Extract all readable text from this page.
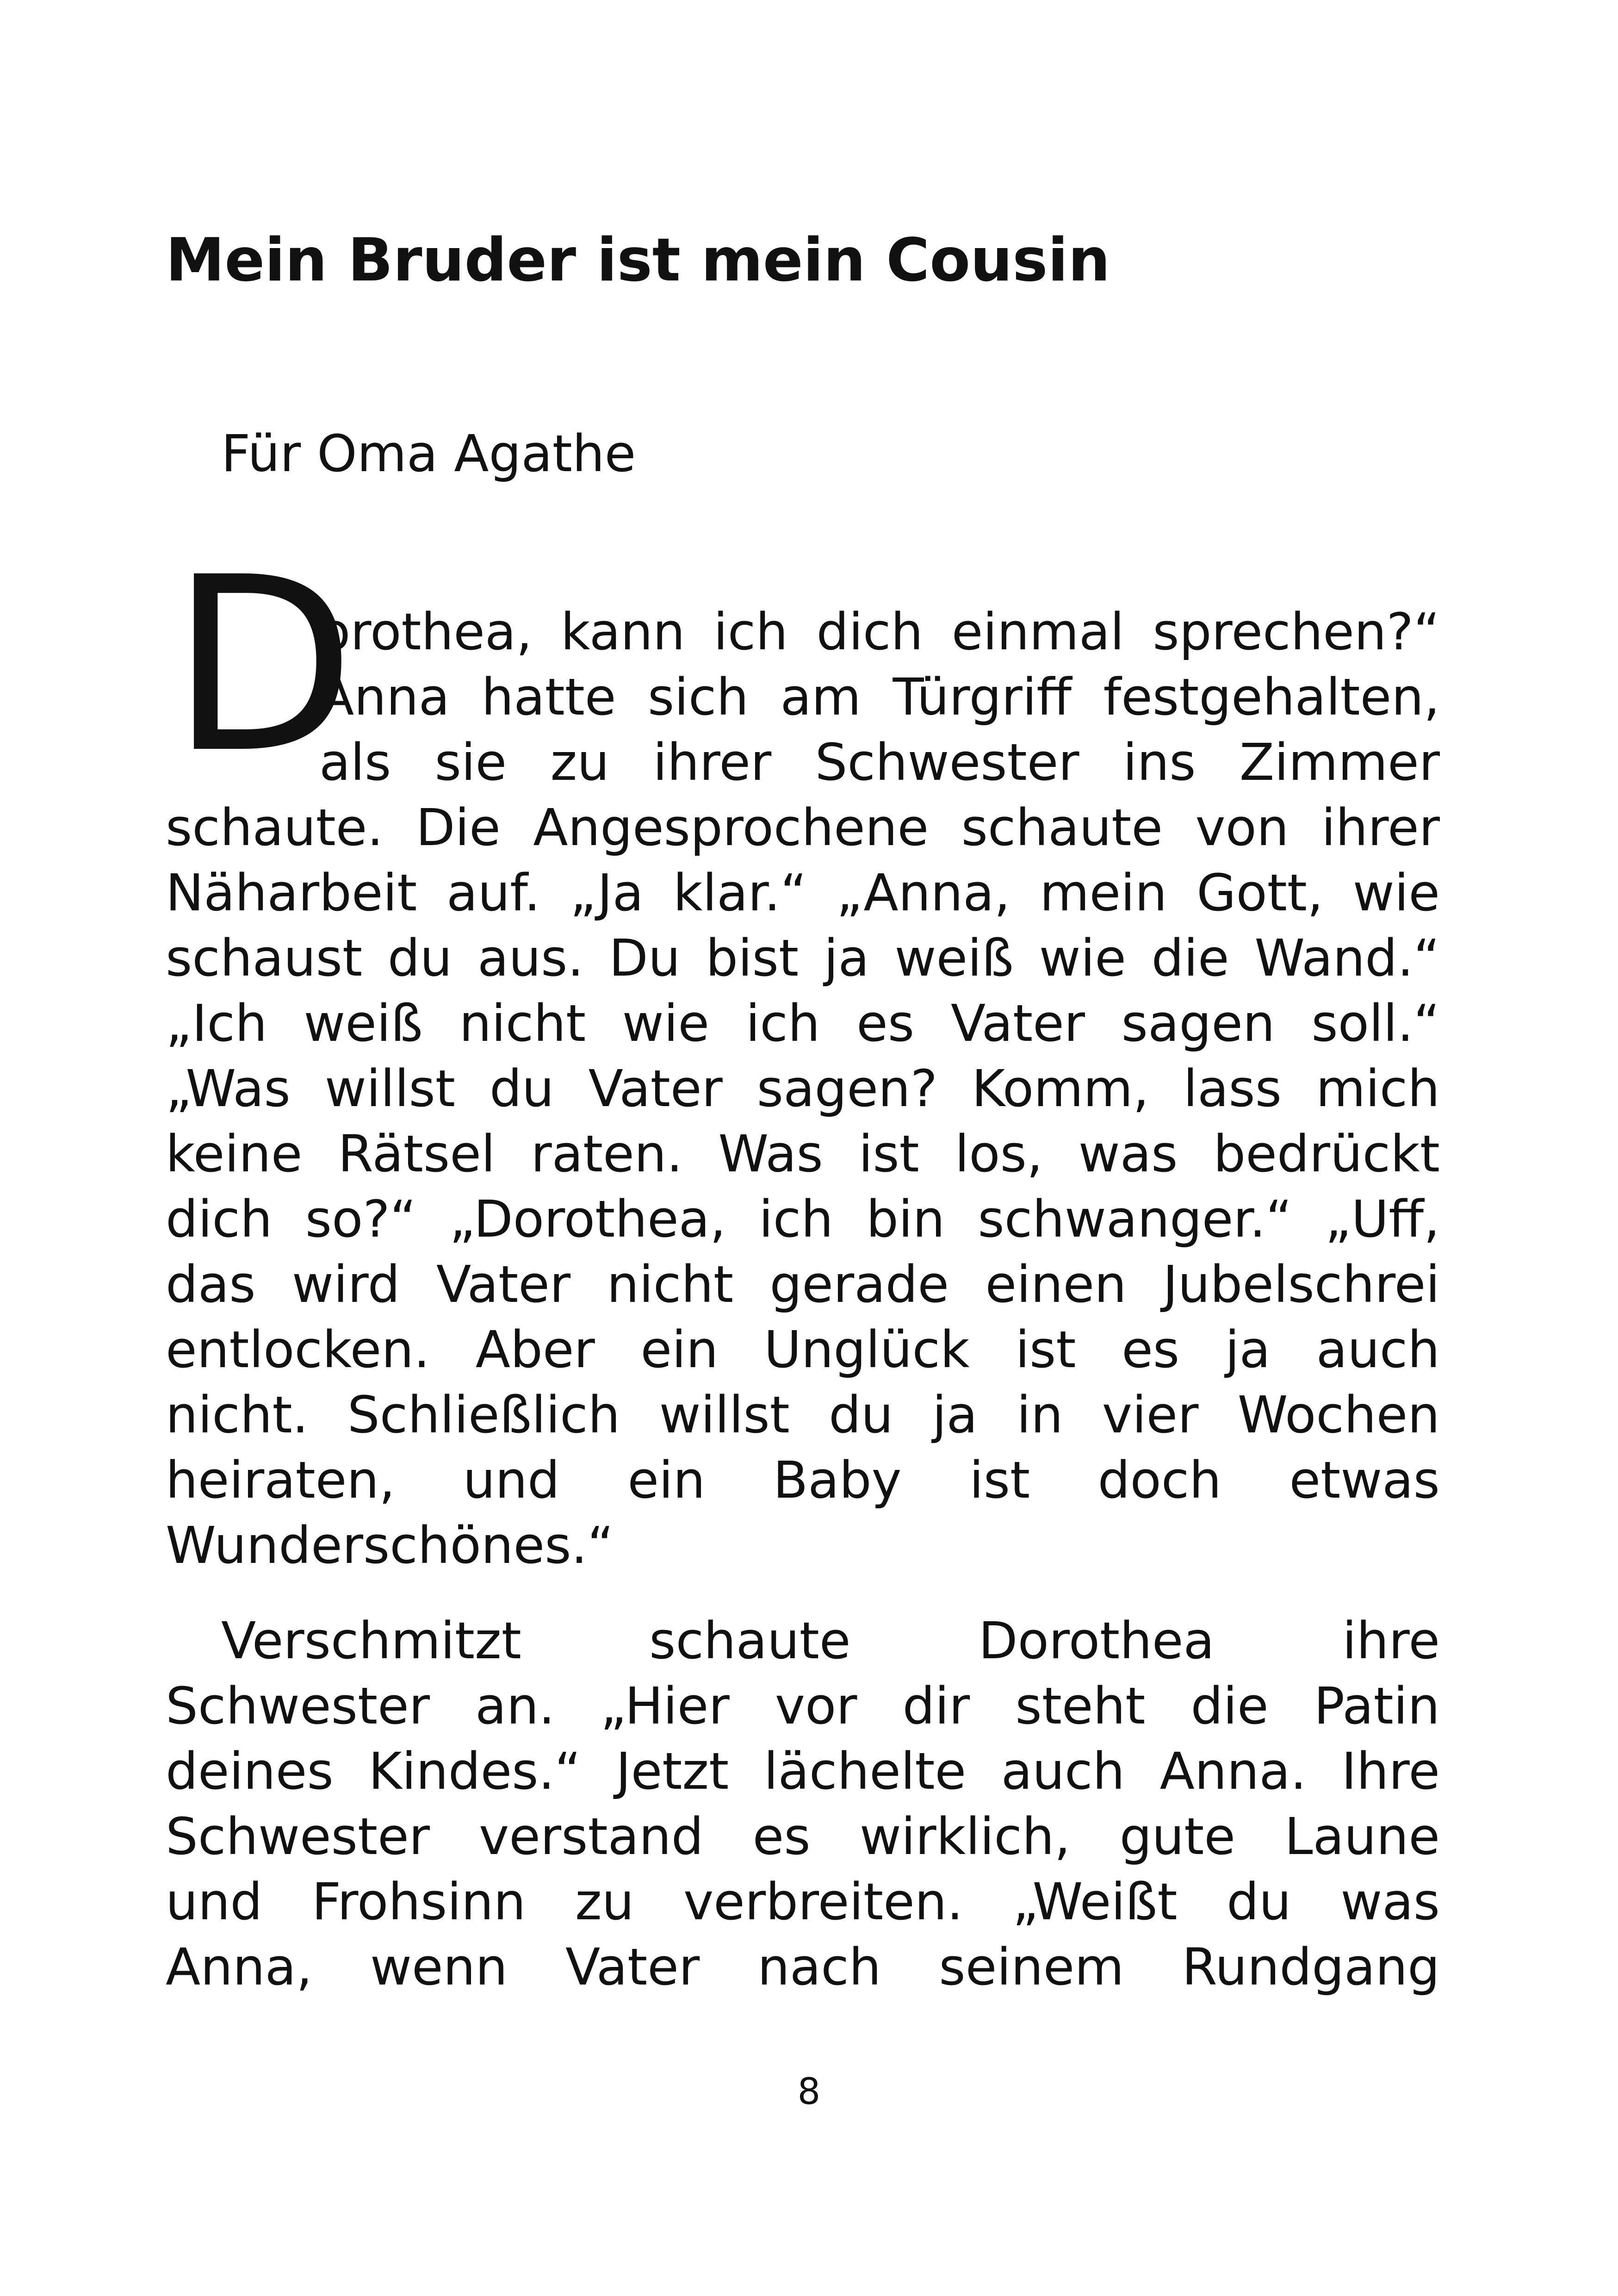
Mein Bruder ist mein Cousin

Für Oma Agathe

D
orothea, kann ich dich einmal sprechen?“
Anna hatte sich am Türgriff festgehalten,
als sie zu ihrer Schwester ins Zimmer
schaute. Die Angesprochene schaute von ihrer
Näharbeit auf. „Ja klar.“ „Anna, mein Gott, wie
schaust du aus. Du bist ja weiß wie die Wand.“
„Ich weiß nicht wie ich es Vater sagen soll.“
„Was willst du Vater sagen? Komm, lass mich
keine Rätsel raten. Was ist los, was bedrückt
dich so?“ „Dorothea, ich bin schwanger.“ „Uff,
das wird Vater nicht gerade einen Jubelschrei
entlocken. Aber ein Unglück ist es ja auch
nicht. Schließlich willst du ja in vier Wochen
heiraten, und ein Baby ist doch etwas
Wunderschönes.“
Verschmitzt schaute Dorothea ihre
Schwester an. „Hier vor dir steht die Patin
deines Kindes.“ Jetzt lächelte auch Anna. Ihre
Schwester verstand es wirklich, gute Laune
und Frohsinn zu verbreiten. „Weißt du was
Anna, wenn Vater nach seinem Rundgang
8
